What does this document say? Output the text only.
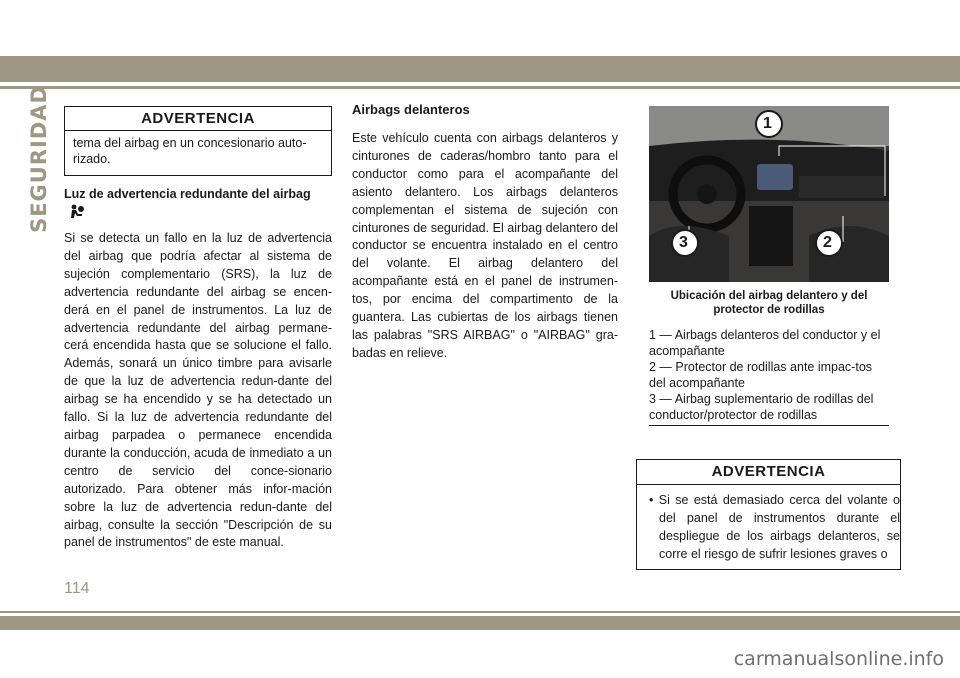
SEGURIDAD	ADVERTENCIA
tema del airbag en un concesionario auto-rizado.
Luz de advertencia redundante del airbag

Si se detecta un fallo en la luz de advertencia del airbag que podría afectar al sistema de sujeción complementario (SRS), la luz de advertencia redundante del airbag se encen-derá en el panel de instrumentos. La luz de advertencia redundante del airbag permane-cerá encendida hasta que se solucione el fallo. Además, sonará un único timbre para avisarle de que la luz de advertencia redun-dante del airbag se ha encendido y se ha detectado un fallo. Si la luz de advertencia redundante del airbag parpadea o permanece encendida durante la conducción, acuda de inmediato a un centro de servicio del conce-sionario autorizado. Para obtener más infor-mación sobre la luz de advertencia redun-dante del airbag, consulte la sección "Descripción de su panel de instrumentos" de este manual.

Airbags delanteros

Este vehículo cuenta con airbags delanteros y cinturones de caderas/hombro tanto para el conductor como para el acompañante del asiento delantero. Los airbags delanteros complementan el sistema de sujeción con cinturones de seguridad. El airbag delantero del conductor se encuentra instalado en el centro del volante. El airbag delantero del acompañante está en el panel de instrumen-tos, por encima del compartimento de la guantera. Las cubiertas de los airbags tienen las palabras "SRS AIRBAG" o "AIRBAG" gra-badas en relieve.

1
2
3
Ubicación del airbag delantero y del protector de rodillas
1 — Airbags delanteros del conductor y el acompañante
2 — Protector de rodillas ante impac-tos del acompañante
3 — Airbag suplementario de rodillas del conductor/protector de rodillas
ADVERTENCIA
• Si se está demasiado cerca del volante o del panel de instrumentos durante el despliegue de los airbags delanteros, se corre el riesgo de sufrir lesiones graves o
114
carmanualsonline.info
